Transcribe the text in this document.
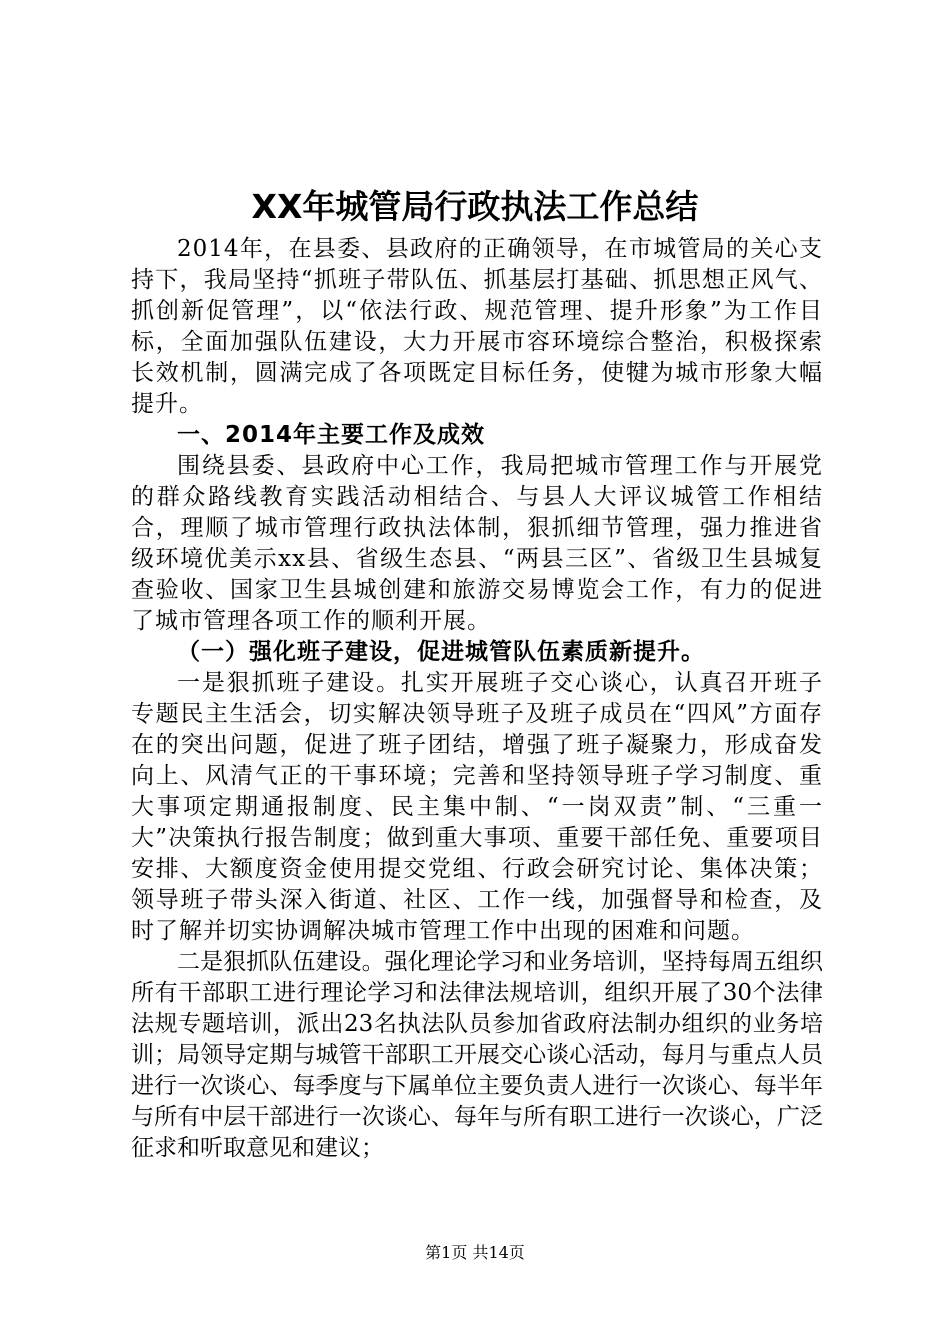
XX年城管局行政执法工作总结

2014年，在县委、县政府的正确领导，在市城管局的关心支持下，我局坚持“抓班子带队伍、抓基层打基础、抓思想正风气、抓创新促管理”，以“依法行政、规范管理、提升形象”为工作目标，全面加强队伍建设，大力开展市容环境综合整治，积极探索长效机制，圆满完成了各项既定目标任务，使犍为城市形象大幅提升。

一、2014年主要工作及成效

围绕县委、县政府中心工作，我局把城市管理工作与开展党的群众路线教育实践活动相结合、与县人大评议城管工作相结合，理顺了城市管理行政执法体制，狠抓细节管理，强力推进省级环境优美示xx县、省级生态县、“两县三区”、省级卫生县城复查验收、国家卫生县城创建和旅游交易博览会工作，有力的促进了城市管理各项工作的顺利开展。

（一）强化班子建设，促进城管队伍素质新提升。

一是狠抓班子建设。扎实开展班子交心谈心，认真召开班子专题民主生活会，切实解决领导班子及班子成员在“四风”方面存在的突出问题，促进了班子团结，增强了班子凝聚力，形成奋发向上、风清气正的干事环境；完善和坚持领导班子学习制度、重大事项定期通报制度、民主集中制、“一岗双责”制、“三重一大”决策执行报告制度；做到重大事项、重要干部任免、重要项目安排、大额度资金使用提交党组、行政会研究讨论、集体决策；领导班子带头深入街道、社区、工作一线，加强督导和检查，及时了解并切实协调解决城市管理工作中出现的困难和问题。

二是狠抓队伍建设。强化理论学习和业务培训，坚持每周五组织所有干部职工进行理论学习和法律法规培训，组织开展了30个法律法规专题培训，派出23名执法队员参加省政府法制办组织的业务培训；局领导定期与城管干部职工开展交心谈心活动，每月与重点人员进行一次谈心、每季度与下属单位主要负责人进行一次谈心、每半年与所有中层干部进行一次谈心、每年与所有职工进行一次谈心，广泛征求和听取意见和建议；

第1页 共14页
